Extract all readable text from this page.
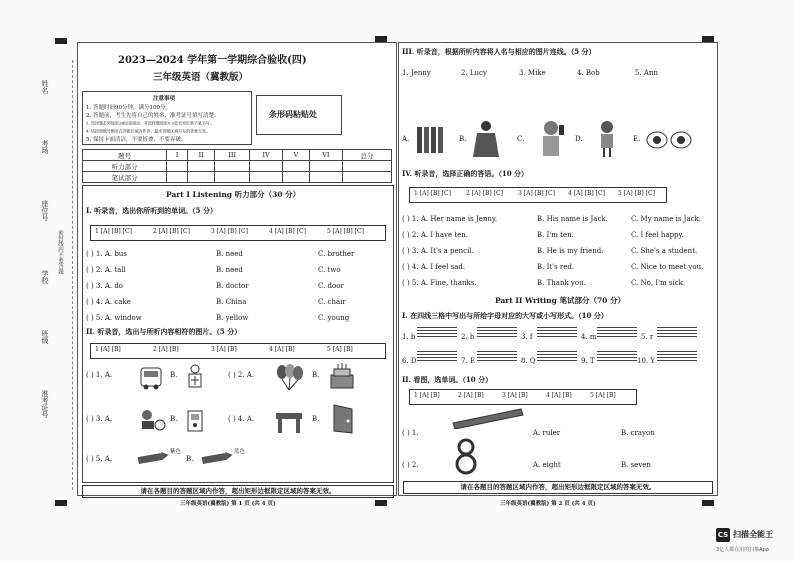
姓名
考场
座位号
学校
班级
准考证号
密封线内不要答题
2023—2024 学年第一学期综合验收(四)
三年级英语（冀教版）
注意事项
1. 答题时间90分钟，满分100分。
2. 答题前，考生先将自己的姓名、准考证号填写清楚。
3. 选择题必须使用2B铅笔填涂；非选择题使用0.5毫米黑色签字笔书写。
4. 请按照题号顺序在答题区域内作答，超出答题区域书写的答案无效。
5. 保持卡面清洁，不要折叠、不要弄破。
条形码粘贴处
题号	I	II	III	IV	V	VI	总分
听力部分							
笔试部分							
Part I Listening 听力部分（30 分）
I. 听录音，选出你所听到的单词。（5 分）
1 [A] [B] [C]	2 [A] [B] [C]	3 [A] [B] [C]	4 [A] [B] [C]	5 [A] [B] [C]
( ) 1. A. bus	B. need	C. brother
( ) 2. A. tall	B. need	C. two
( ) 3. A. do	B. doctor	C. door
( ) 4. A. cake	B. China	C. chair
( ) 5. A. window	B. yellow	C. young
II. 听录音，选出与所听内容相符的图片。（5 分）
1 [A] [B]	2 [A] [B]	3 [A] [B]	4 [A] [B]	5 [A] [B]
( ) 1. A.	B.	( ) 2. A.	B.
( ) 3. A.	B.	( ) 4. A.	B.
( ) 5. A.
紫色
B.
蓝色
请在各题目的答题区域内作答，超出矩形边框限定区域的答案无效。
三年级英语(冀教版) 第 1 页 (共 4 页)
III. 听录音，根据所听内容将人名与相应的图片连线。（5 分）
1. Jenny	2. Lucy	3. Mike	4. Bob	5. Ann
A.	B.	C.	D.	E.
IV. 听录音，选择正确的答语。（10 分）
1 [A] [B] [C]	2 [A] [B] [C]	3 [A] [B] [C] 4 [A] [B] [C] 5 [A] [B] [C]
( ) 1. A. Her name is Jenny.	B. His name is Jack.	C. My name is Jack.
( ) 2. A. I have ten.	B. I'm ten.	C. I feel happy.
( ) 3. A. It's a pencil.	B. He is my friend.	C. She's a student.
( ) 4. A. I feel sad.	B. It's red.	C. Nice to meet you.
( ) 5. A. Fine, thanks.	B. Thank you.	C. No, I'm sick.
Part II Writing 笔试部分（70 分）
I. 在四线三格中写出与所给字母对应的大写或小写形式。（10 分）
1. b	2. h	3. f	4. m	5. r
6. D	7. E	8. Q	9. T	10. Y
II. 看图，选单词。（10 分）
1 [A] [B]	2 [A] [B]	3 [A] [B]	4 [A] [B]	5 [A] [B]
( ) 1.	A. ruler	B. crayon
( ) 2.	A. eight	B. seven
请在各题目的答题区域内作答，超出矩形边框限定区域的答案无效。
三年级英语(冀教版) 第 2 页 (共 4 页)
CS 扫描全能王
3亿人都在用的扫描App
